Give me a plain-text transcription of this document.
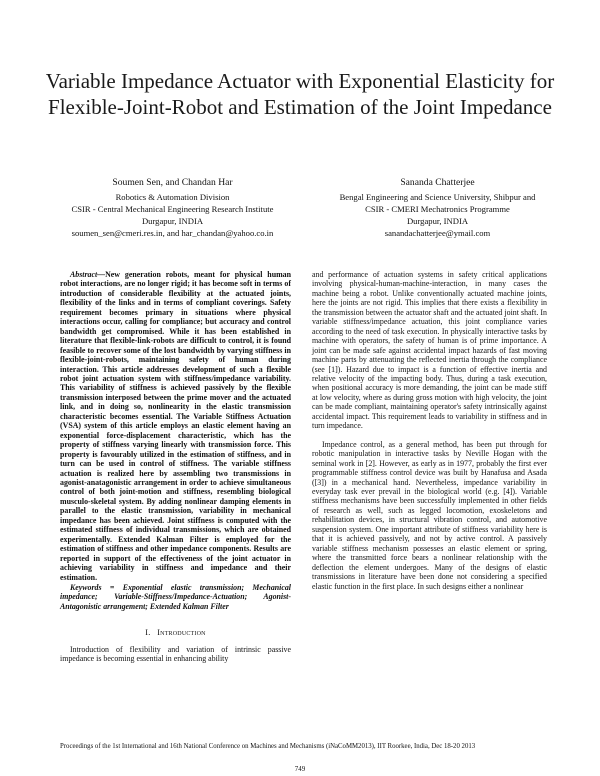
Variable Impedance Actuator with Exponential Elasticity for Flexible-Joint-Robot and Estimation of the Joint Impedance
Soumen Sen, and Chandan Har
Robotics & Automation Division
CSIR - Central Mechanical Engineering Research Institute
Durgapur, INDIA
soumen_sen@cmeri.res.in, and har_chandan@yahoo.co.in
Sananda Chatterjee
Bengal Engineering and Science University, Shibpur and
CSIR - CMERI Mechatronics Programme
Durgapur, INDIA
sanandachatterjee@ymail.com

Abstract—New generation robots, meant for physical human robot interactions, are no longer rigid; it has become soft in terms of introduction of considerable flexibility at the actuated joints, flexibility of the links and in terms of compliant coverings. Safety requirement becomes primary in situations where physical interactions occur, calling for compliance; but accuracy and control bandwidth get compromised. While it has been established in literature that flexible-link-robots are difficult to control, it is found feasible to recover some of the lost bandwidth by varying stiffness in flexible-joint-robots, maintaining safety of human during interaction. This article addresses development of such a flexible robot joint actuation system with stiffness/impedance variability. This variability of stiffness is achieved passively by the flexible transmission interposed between the prime mover and the actuated link, and in doing so, nonlinearity in the elastic transmission characteristic becomes essential. The Variable Stiffness Actuation (VSA) system of this article employs an elastic element having an exponential force-displacement characteristic, which has the property of stiffness varying linearly with transmission force. This property is favourably utilized in the estimation of stiffness, and in turn can be used in control of stiffness. The variable stiffness actuation is realized here by assembling two transmissions in agonist-anatagonistic arrangement in order to achieve simultaneous control of both joint-motion and stiffness, resembling biological musculo-skeletal system. By adding nonlinear damping elements in parallel to the elastic transmission, variability in mechanical impedance has been achieved. Joint stiffness is computed with the estimated stiffness of individual transmissions, which are obtained experimentally. Extended Kalman Filter is employed for the estimation of stiffness and other impedance components. Results are reported in support of the effectiveness of the joint actuator in achieving variability in stiffness and impedance and their estimation.

Keywords = Exponential elastic transmission; Mechanical impedance; Variable-Stiffness/Impedance-Actuation; Agonist-Antagonistic arrangement; Extended Kalman Filter

I. Introduction

Introduction of flexibility and variation of intrinsic passive impedance is becoming essential in enhancing ability

and performance of actuation systems in safety critical applications involving physical-human-machine-interaction, in many cases the machine being a robot. Unlike conventionally actuated machine joints, here the joints are not rigid. This implies that there exists a flexibility in the transmission between the actuator shaft and the actuated joint shaft. In variable stiffness/impedance actuation, this joint compliance varies according to the need of task execution. In physically interactive tasks by machine with operators, the safety of human is of prime importance. A joint can be made safe against accidental impact hazards of fast moving machine parts by attenuating the reflected inertia through the compliance (see [1]). Hazard due to impact is a function of effective inertia and relative velocity of the impacting body. Thus, during a task execution, when positional accuracy is more demanding, the joint can be made stiff at low velocity, where as during gross motion with high velocity, the joint can be made compliant, maintaining operator's safety intrinsically against accidental impact. This requirement leads to variability in stiffness and in turn impedance.

Impedance control, as a general method, has been put through for robotic manipulation in interactive tasks by Neville Hogan with the seminal work in [2]. However, as early as in 1977, probably the first ever programmable stiffness control device was built by Hanafusa and Asada ([3]) in a mechanical hand. Nevertheless, impedance variability in everyday task ever prevail in the biological world (e.g. [4]). Variable stiffness mechanisms have been successfully implemented in other fields of research as well, such as legged locomotion, exoskeletons and rehabilitation devices, in structural vibration control, and automotive suspension system. One important attribute of stiffness variability here is that it is achieved passively, and not by active control. A passively variable stiffness mechanism possesses an elastic element or spring, where the transmitted force bears a nonlinear relationship with the deflection the element undergoes. Many of the designs of elastic transmissions in literature have been done not considering a specified elastic function in the first place. In such designs either a nonlinear

Proceedings of the 1st International and 16th National Conference on Machines and Mechanisms (iNaCoMM2013), IIT Roorkee, India, Dec 18-20 2013
749
